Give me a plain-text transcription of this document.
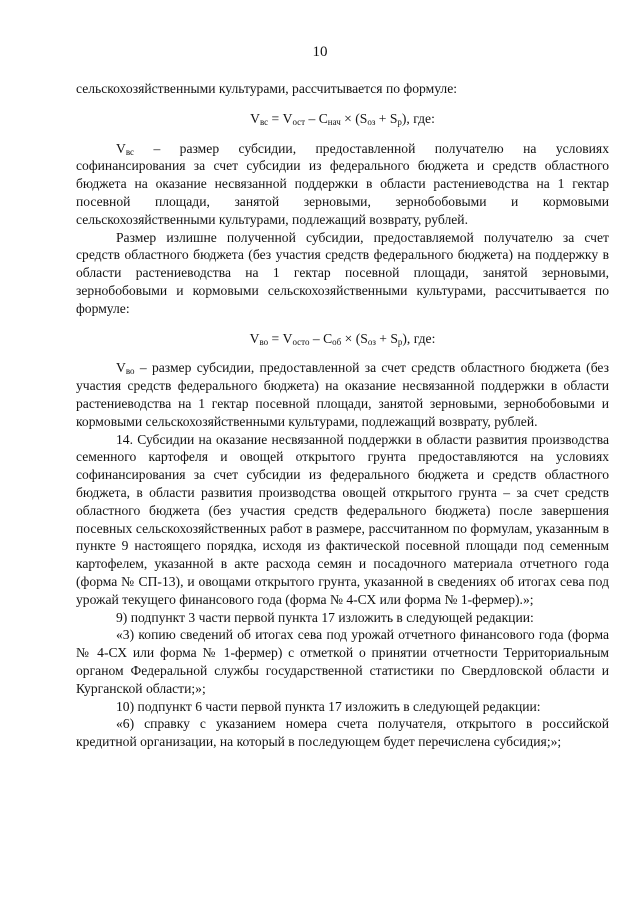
10

сельскохозяйственными культурами, рассчитывается по формуле:

$V_{вс} = V_{ост} - C_{нач} \times (S_{оз} + S_р)$, где:

$V_{вс}$ – размер субсидии, предоставленной получателю на условиях софинансирования за счет субсидии из федерального бюджета и средств областного бюджета на оказание несвязанной поддержки в области растениеводства на 1 гектар посевной площади, занятой зерновыми, зернобобовыми и кормовыми сельскохозяйственными культурами, подлежащий возврату, рублей.

Размер излишне полученной субсидии, предоставляемой получателю за счет средств областного бюджета (без участия средств федерального бюджета) на поддержку в области растениеводства на 1 гектар посевной площади, занятой зерновыми, зернобобовыми и кормовыми сельскохозяйственными культурами, рассчитывается по формуле:

$V_{во} = V_{осто} - C_{об} \times (S_{оз} + S_р)$, где:

$V_{во}$ – размер субсидии, предоставленной за счет средств областного бюджета (без участия средств федерального бюджета) на оказание несвязанной поддержки в области растениеводства на 1 гектар посевной площади, занятой зерновыми, зернобобовыми и кормовыми сельскохозяйственными культурами, подлежащий возврату, рублей.

14. Субсидии на оказание несвязанной поддержки в области развития производства семенного картофеля и овощей открытого грунта предоставляются на условиях софинансирования за счет субсидии из федерального бюджета и средств областного бюджета, в области развития производства овощей открытого грунта – за счет средств областного бюджета (без участия средств федерального бюджета) после завершения посевных сельскохозяйственных работ в размере, рассчитанном по формулам, указанным в пункте 9 настоящего порядка, исходя из фактической посевной площади под семенным картофелем, указанной в акте расхода семян и посадочного материала отчетного года (форма № СП-13), и овощами открытого грунта, указанной в сведениях об итогах сева под урожай текущего финансового года (форма № 4-СХ или форма № 1-фермер).»;

9) подпункт 3 части первой пункта 17 изложить в следующей редакции:

«3) копию сведений об итогах сева под урожай отчетного финансового года (форма № 4-СХ или форма № 1-фермер) с отметкой о принятии отчетности Территориальным органом Федеральной службы государственной статистики по Свердловской области и Курганской области;»;

10) подпункт 6 части первой пункта 17 изложить в следующей редакции:

«6) справку с указанием номера счета получателя, открытого в российской кредитной организации, на который в последующем будет перечислена субсидия;»;
